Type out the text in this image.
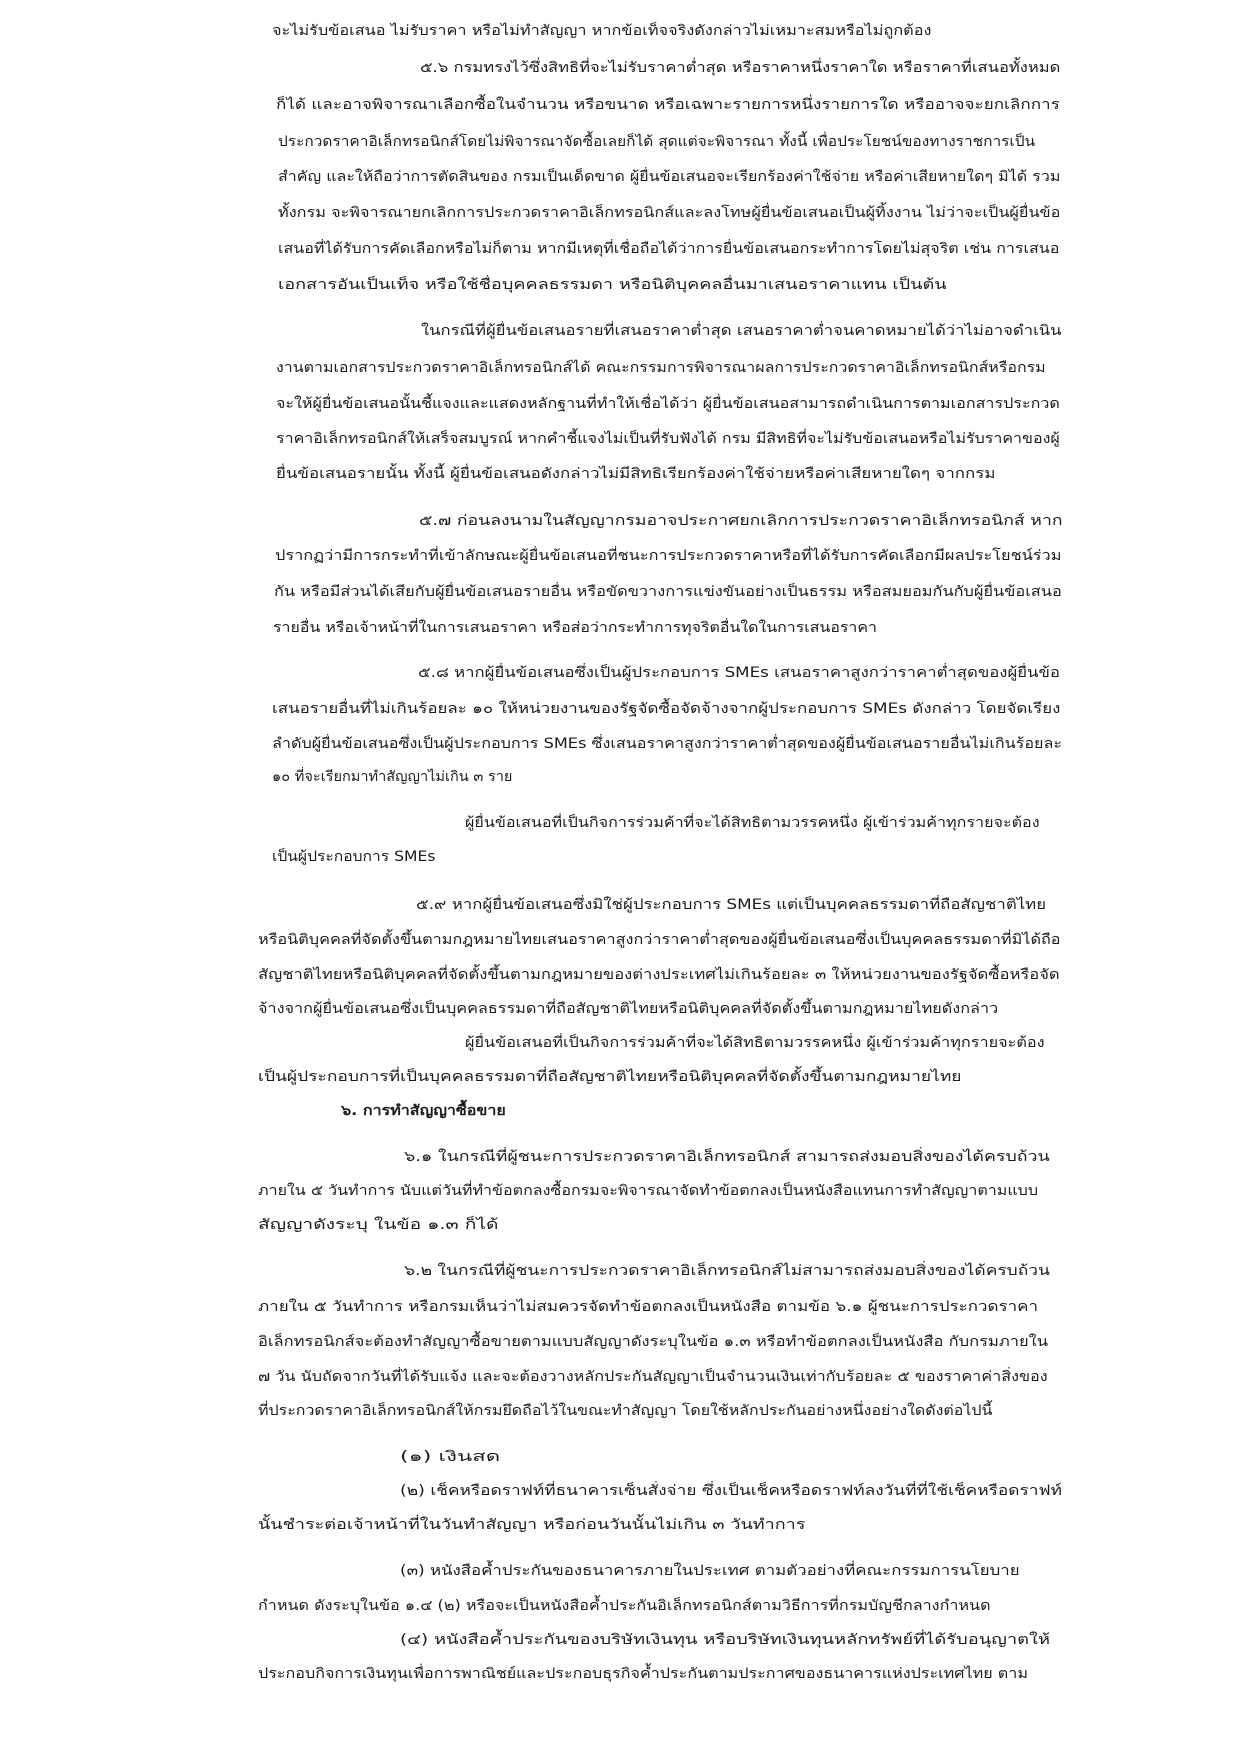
จะไม่รับข้อเสนอ ไม่รับราคา หรือไม่ทำสัญญา หากข้อเท็จจริงดังกล่าวไม่เหมาะสมหรือไม่ถูกต้อง
๕.๖ กรมทรงไว้ซึ่งสิทธิที่จะไม่รับราคาต่ำสุด หรือราคาหนึ่งราคาใด หรือราคาที่เสนอทั้งหมด
ก็ได้ และอาจพิจารณาเลือกซื้อในจำนวน หรือขนาด หรือเฉพาะรายการหนึ่งรายการใด หรืออาจจะยกเลิกการ
ประกวดราคาอิเล็กทรอนิกส์โดยไม่พิจารณาจัดซื้อเลยก็ได้ สุดแต่จะพิจารณา ทั้งนี้ เพื่อประโยชน์ของทางราชการเป็น
สำคัญ และให้ถือว่าการตัดสินของ กรมเป็นเด็ดขาด ผู้ยื่นข้อเสนอจะเรียกร้องค่าใช้จ่าย หรือค่าเสียหายใดๆ มิได้ รวม
ทั้งกรม จะพิจารณายกเลิกการประกวดราคาอิเล็กทรอนิกส์และลงโทษผู้ยื่นข้อเสนอเป็นผู้ทิ้งงาน ไม่ว่าจะเป็นผู้ยื่นข้อ
เสนอที่ได้รับการคัดเลือกหรือไม่ก็ตาม หากมีเหตุที่เชื่อถือได้ว่าการยื่นข้อเสนอกระทำการโดยไม่สุจริต เช่น การเสนอ
เอกสารอันเป็นเท็จ หรือใช้ชื่อบุคคลธรรมดา หรือนิติบุคคลอื่นมาเสนอราคาแทน เป็นต้น
ในกรณีที่ผู้ยื่นข้อเสนอรายที่เสนอราคาต่ำสุด เสนอราคาต่ำจนคาดหมายได้ว่าไม่อาจดำเนิน
งานตามเอกสารประกวดราคาอิเล็กทรอนิกส์ได้ คณะกรรมการพิจารณาผลการประกวดราคาอิเล็กทรอนิกส์หรือกรม
จะให้ผู้ยื่นข้อเสนอนั้นชี้แจงและแสดงหลักฐานที่ทำให้เชื่อได้ว่า ผู้ยื่นข้อเสนอสามารถดำเนินการตามเอกสารประกวด
ราคาอิเล็กทรอนิกส์ให้เสร็จสมบูรณ์ หากคำชี้แจงไม่เป็นที่รับฟังได้ กรม มีสิทธิที่จะไม่รับข้อเสนอหรือไม่รับราคาของผู้
ยื่นข้อเสนอรายนั้น ทั้งนี้ ผู้ยื่นข้อเสนอดังกล่าวไม่มีสิทธิเรียกร้องค่าใช้จ่ายหรือค่าเสียหายใดๆ จากกรม
๕.๗ ก่อนลงนามในสัญญากรมอาจประกาศยกเลิกการประกวดราคาอิเล็กทรอนิกส์ หาก
ปรากฏว่ามีการกระทำที่เข้าลักษณะผู้ยื่นข้อเสนอที่ชนะการประกวดราคาหรือที่ได้รับการคัดเลือกมีผลประโยชน์ร่วม
กัน หรือมีส่วนได้เสียกับผู้ยื่นข้อเสนอรายอื่น หรือขัดขวางการแข่งขันอย่างเป็นธรรม หรือสมยอมกันกับผู้ยื่นข้อเสนอ
รายอื่น หรือเจ้าหน้าที่ในการเสนอราคา หรือส่อว่ากระทำการทุจริตอื่นใดในการเสนอราคา
๕.๘ หากผู้ยื่นข้อเสนอซึ่งเป็นผู้ประกอบการ SMEs เสนอราคาสูงกว่าราคาต่ำสุดของผู้ยื่นข้อ
เสนอรายอื่นที่ไม่เกินร้อยละ ๑๐ ให้หน่วยงานของรัฐจัดซื้อจัดจ้างจากผู้ประกอบการ SMEs ดังกล่าว โดยจัดเรียง
ลำดับผู้ยื่นข้อเสนอซึ่งเป็นผู้ประกอบการ SMEs ซึ่งเสนอราคาสูงกว่าราคาต่ำสุดของผู้ยื่นข้อเสนอรายอื่นไม่เกินร้อยละ
๑๐ ที่จะเรียกมาทำสัญญาไม่เกิน ๓ ราย
ผู้ยื่นข้อเสนอที่เป็นกิจการร่วมค้าที่จะได้สิทธิตามวรรคหนึ่ง ผู้เข้าร่วมค้าทุกรายจะต้อง
เป็นผู้ประกอบการ SMEs
๕.๙ หากผู้ยื่นข้อเสนอซึ่งมิใช่ผู้ประกอบการ SMEs แต่เป็นบุคคลธรรมดาที่ถือสัญชาติไทย
หรือนิติบุคคลที่จัดตั้งขึ้นตามกฎหมายไทยเสนอราคาสูงกว่าราคาต่ำสุดของผู้ยื่นข้อเสนอซึ่งเป็นบุคคลธรรมดาที่มิได้ถือ
สัญชาติไทยหรือนิติบุคคลที่จัดตั้งขึ้นตามกฎหมายของต่างประเทศไม่เกินร้อยละ ๓ ให้หน่วยงานของรัฐจัดซื้อหรือจัด
จ้างจากผู้ยื่นข้อเสนอซึ่งเป็นบุคคลธรรมดาที่ถือสัญชาติไทยหรือนิติบุคคลที่จัดตั้งขึ้นตามกฎหมายไทยดังกล่าว
ผู้ยื่นข้อเสนอที่เป็นกิจการร่วมค้าที่จะได้สิทธิตามวรรคหนึ่ง ผู้เข้าร่วมค้าทุกรายจะต้อง
เป็นผู้ประกอบการที่เป็นบุคคลธรรมดาที่ถือสัญชาติไทยหรือนิติบุคคลที่จัดตั้งขึ้นตามกฎหมายไทย
๖. การทำสัญญาซื้อขาย
๖.๑ ในกรณีที่ผู้ชนะการประกวดราคาอิเล็กทรอนิกส์ สามารถส่งมอบสิ่งของได้ครบถ้วน
ภายใน ๕ วันทำการ นับแต่วันที่ทำข้อตกลงซื้อกรมจะพิจารณาจัดทำข้อตกลงเป็นหนังสือแทนการทำสัญญาตามแบบ
สัญญาดังระบุ ในข้อ ๑.๓ ก็ได้
๖.๒ ในกรณีที่ผู้ชนะการประกวดราคาอิเล็กทรอนิกส์ไม่สามารถส่งมอบสิ่งของได้ครบถ้วน
ภายใน ๕ วันทำการ หรือกรมเห็นว่าไม่สมควรจัดทำข้อตกลงเป็นหนังสือ ตามข้อ ๖.๑ ผู้ชนะการประกวดราคา
อิเล็กทรอนิกส์จะต้องทำสัญญาซื้อขายตามแบบสัญญาดังระบุในข้อ ๑.๓ หรือทำข้อตกลงเป็นหนังสือ กับกรมภายใน
๗ วัน นับถัดจากวันที่ได้รับแจ้ง และจะต้องวางหลักประกันสัญญาเป็นจำนวนเงินเท่ากับร้อยละ ๕ ของราคาค่าสิ่งของ
ที่ประกวดราคาอิเล็กทรอนิกส์ให้กรมยึดถือไว้ในขณะทำสัญญา โดยใช้หลักประกันอย่างหนึ่งอย่างใดดังต่อไปนี้
(๑) เงินสด
(๒) เช็คหรือดราฟท์ที่ธนาคารเซ็นสั่งจ่าย ซึ่งเป็นเช็คหรือดราฟท์ลงวันที่ที่ใช้เช็คหรือดราฟท์
นั้นชำระต่อเจ้าหน้าที่ในวันทำสัญญา หรือก่อนวันนั้นไม่เกิน ๓ วันทำการ
(๓) หนังสือค้ำประกันของธนาคารภายในประเทศ ตามตัวอย่างที่คณะกรรมการนโยบาย
กำหนด ดังระบุในข้อ ๑.๔ (๒) หรือจะเป็นหนังสือค้ำประกันอิเล็กทรอนิกส์ตามวิธีการที่กรมบัญชีกลางกำหนด
(๔) หนังสือค้ำประกันของบริษัทเงินทุน หรือบริษัทเงินทุนหลักทรัพย์ที่ได้รับอนุญาตให้
ประกอบกิจการเงินทุนเพื่อการพาณิชย์และประกอบธุรกิจค้ำประกันตามประกาศของธนาคารแห่งประเทศไทย ตาม
